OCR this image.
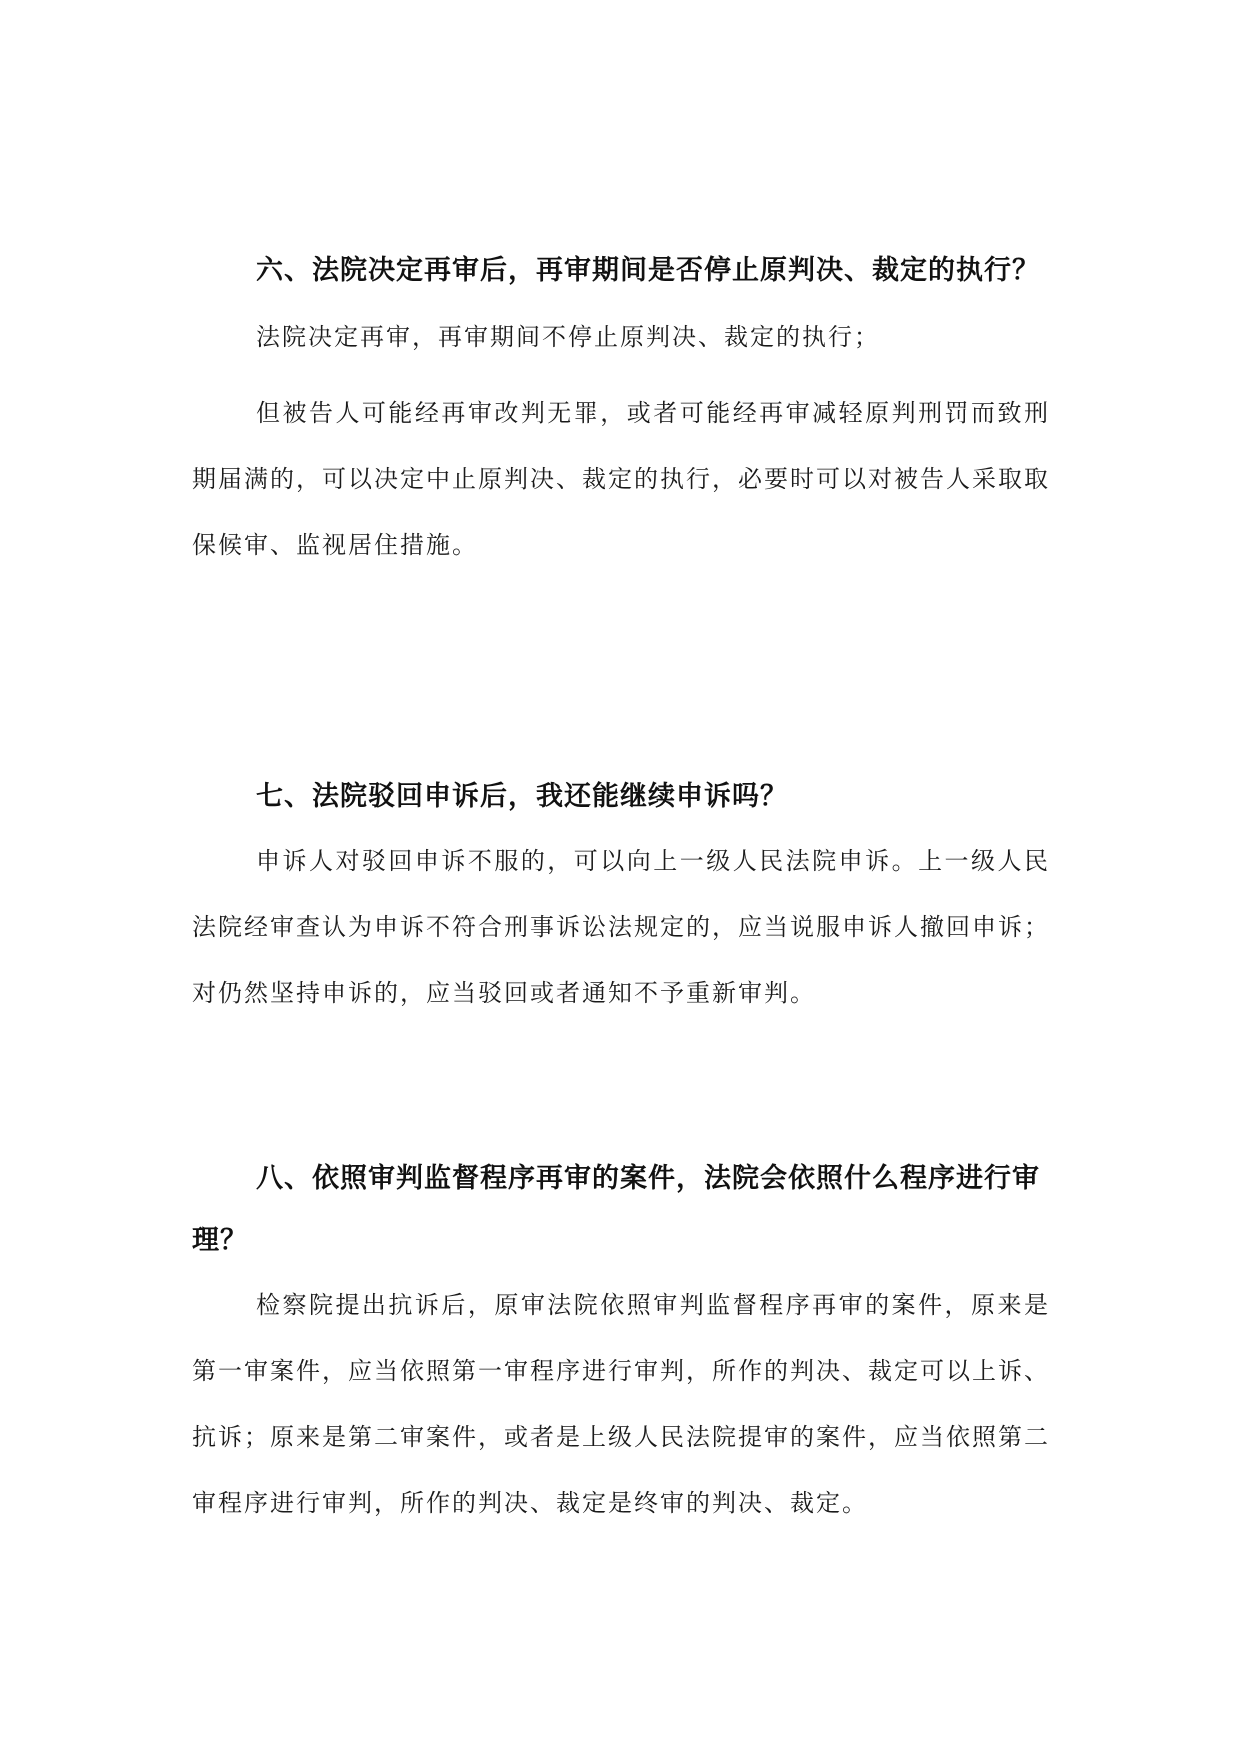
六、法院决定再审后，再审期间是否停止原判决、裁定的执行？

法院决定再审，再审期间不停止原判决、裁定的执行；

但被告人可能经再审改判无罪，或者可能经再审减轻原判刑罚而致刑期届满的，可以决定中止原判决、裁定的执行，必要时可以对被告人采取取保候审、监视居住措施。

七、法院驳回申诉后，我还能继续申诉吗？

申诉人对驳回申诉不服的，可以向上一级人民法院申诉。上一级人民法院经审查认为申诉不符合刑事诉讼法规定的，应当说服申诉人撤回申诉；对仍然坚持申诉的，应当驳回或者通知不予重新审判。

八、依照审判监督程序再审的案件，法院会依照什么程序进行审理？

检察院提出抗诉后，原审法院依照审判监督程序再审的案件，原来是第一审案件，应当依照第一审程序进行审判，所作的判决、裁定可以上诉、抗诉；原来是第二审案件，或者是上级人民法院提审的案件，应当依照第二审程序进行审判，所作的判决、裁定是终审的判决、裁定。
